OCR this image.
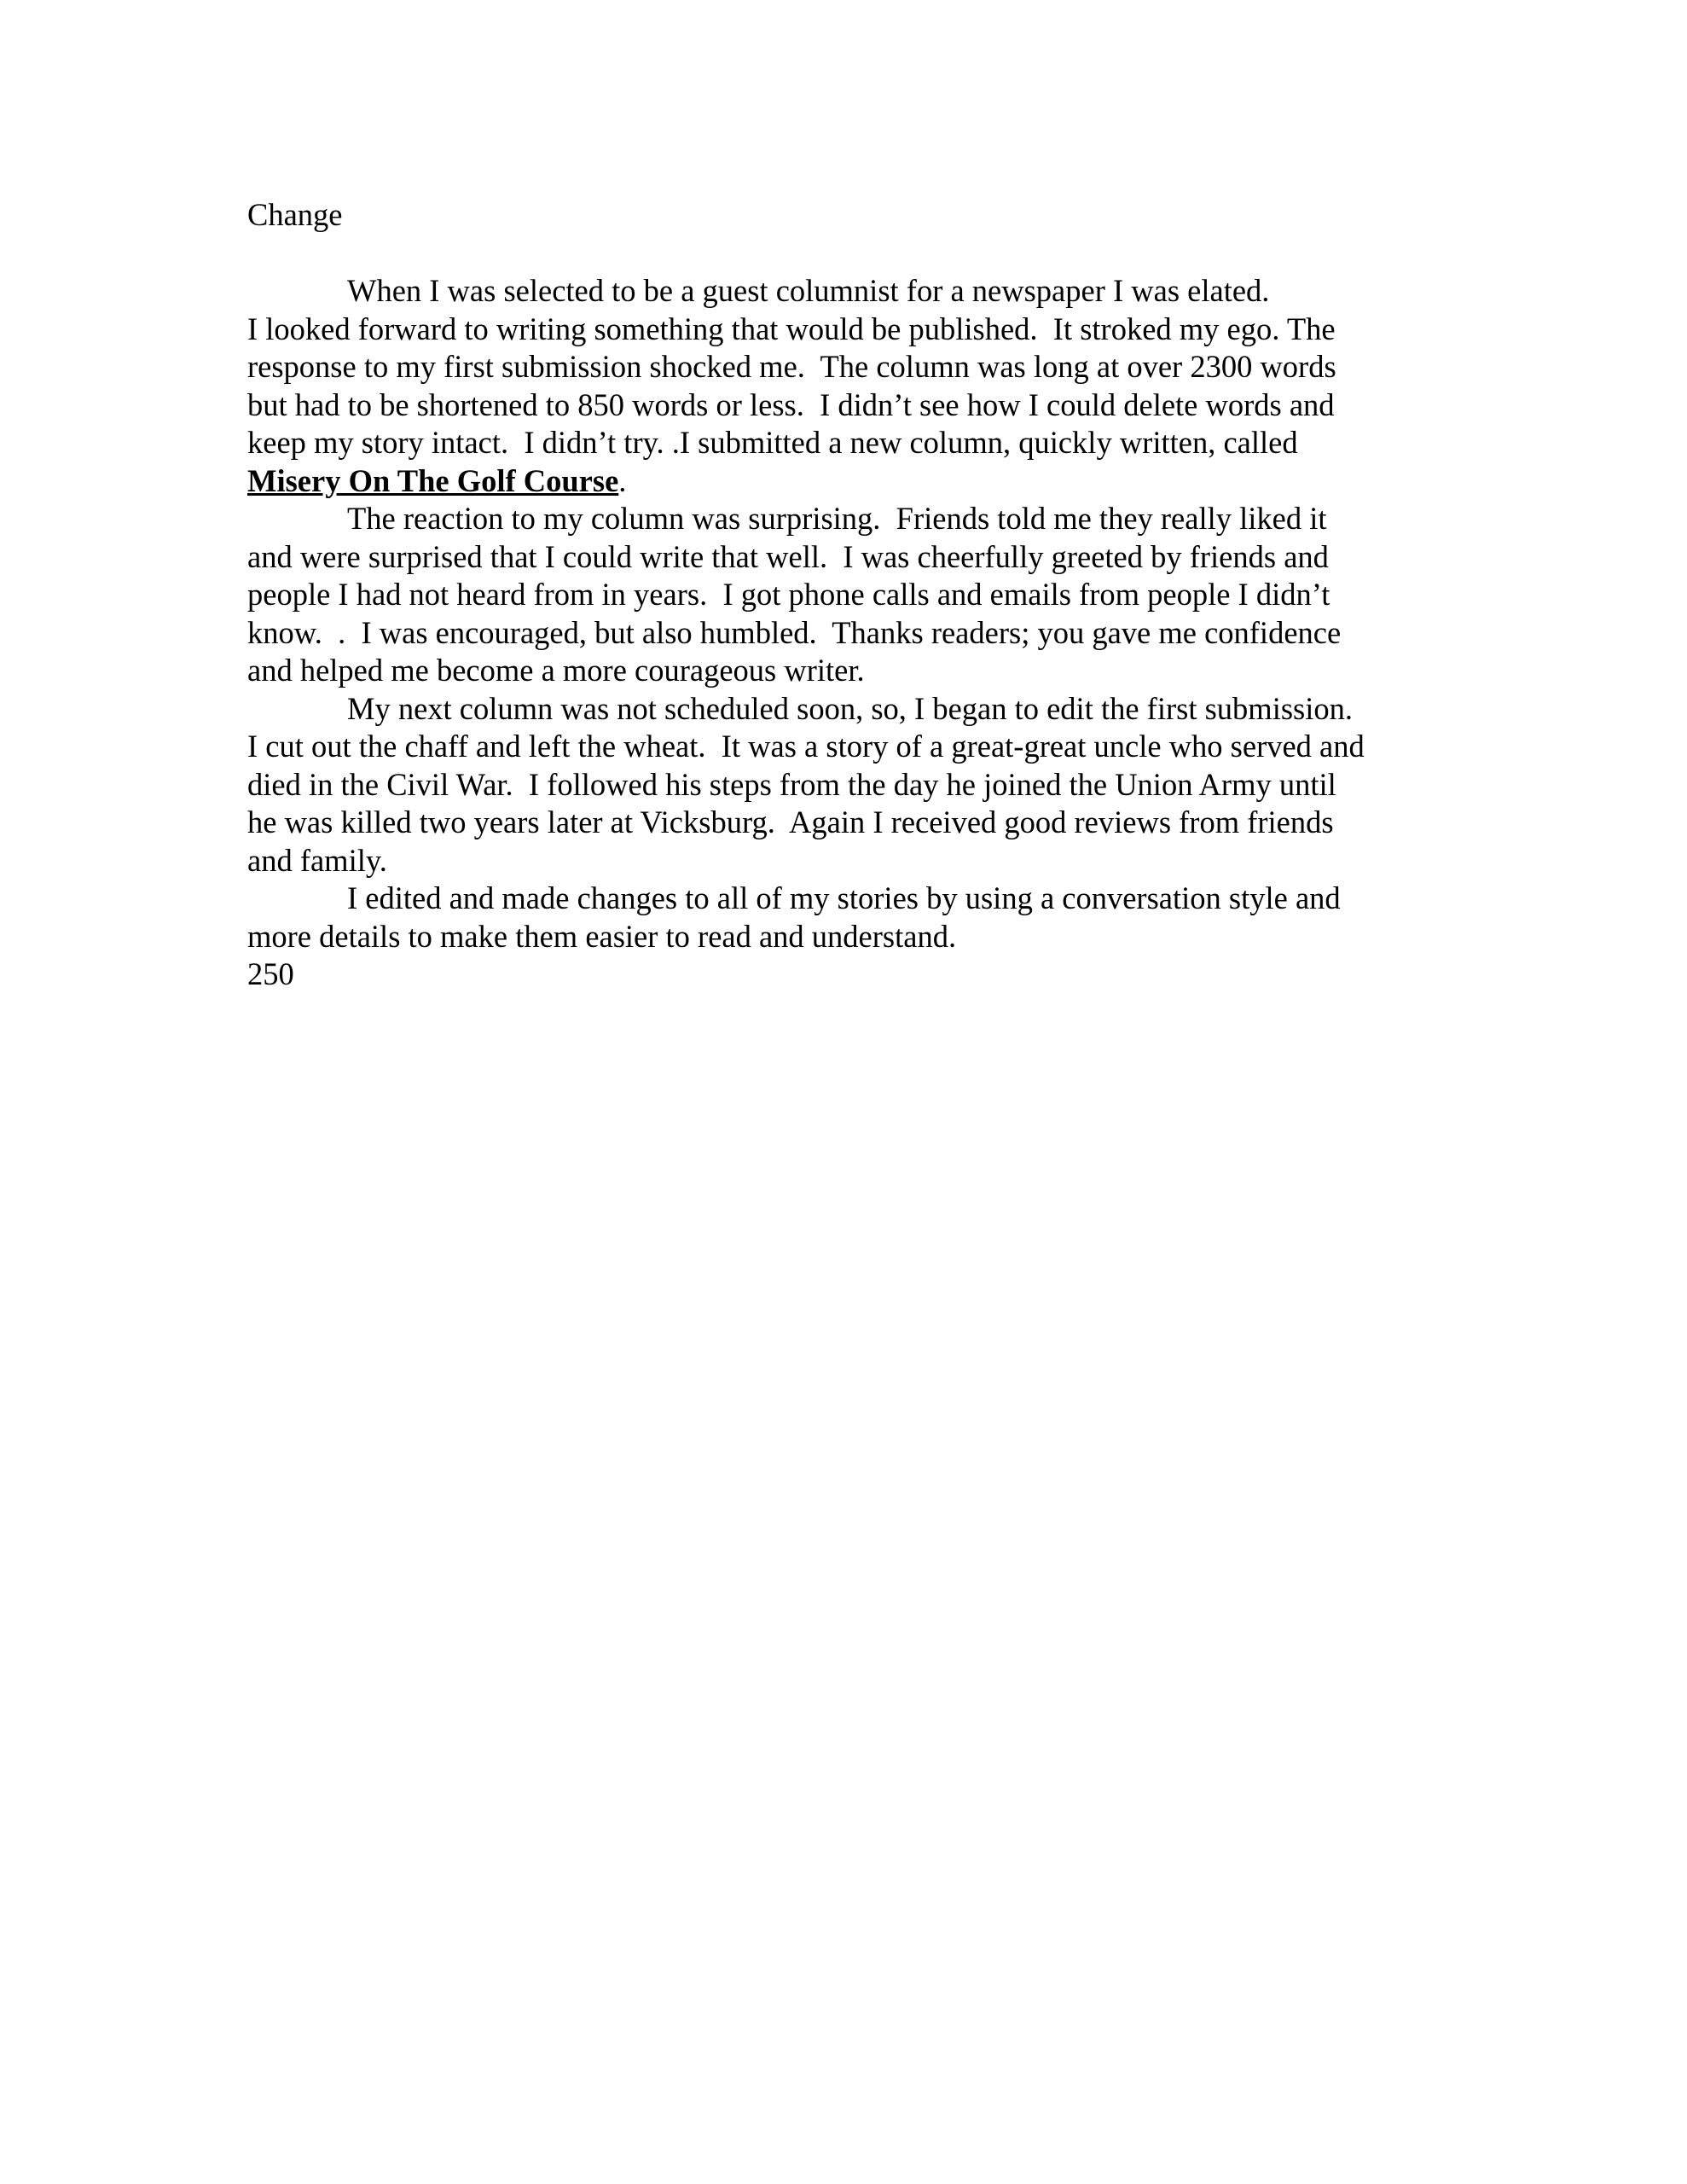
Change
When I was selected to be a guest columnist for a newspaper I was elated.
I looked forward to writing something that would be published.  It stroked my ego. The
response to my first submission shocked me.  The column was long at over 2300 words
but had to be shortened to 850 words or less.  I didn’t see how I could delete words and
keep my story intact.  I didn’t try. .I submitted a new column, quickly written, called
Misery On The Golf Course.
The reaction to my column was surprising.  Friends told me they really liked it
and were surprised that I could write that well.  I was cheerfully greeted by friends and
people I had not heard from in years.  I got phone calls and emails from people I didn’t
know.  .  I was encouraged, but also humbled.  Thanks readers; you gave me confidence
and helped me become a more courageous writer.
My next column was not scheduled soon, so, I began to edit the first submission.
I cut out the chaff and left the wheat.  It was a story of a great-great uncle who served and
died in the Civil War.  I followed his steps from the day he joined the Union Army until
he was killed two years later at Vicksburg.  Again I received good reviews from friends
and family.
I edited and made changes to all of my stories by using a conversation style and
more details to make them easier to read and understand.
250
